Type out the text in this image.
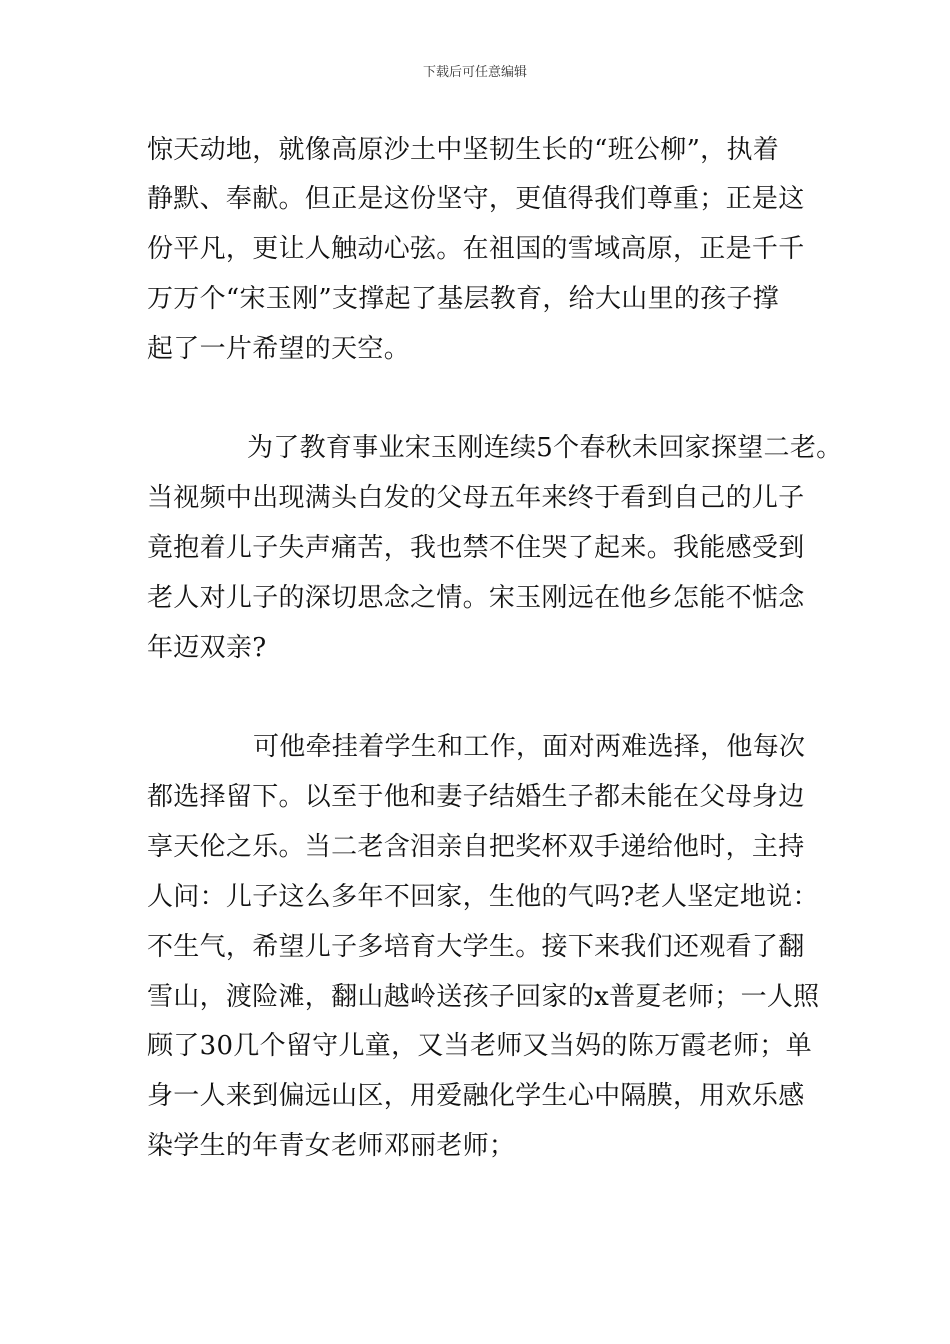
下载后可任意编辑
惊天动地，就像高原沙土中坚韧生长的“班公柳”，执着
静默、奉献。但正是这份坚守，更值得我们尊重；正是这
份平凡，更让人触动心弦。在祖国的雪域高原，正是千千
万万个“宋玉刚”支撑起了基层教育，给大山里的孩子撑
起了一片希望的天空。
为了教育事业宋玉刚连续5个春秋未回家探望二老。
当视频中出现满头白发的父母五年来终于看到自己的儿子
竟抱着儿子失声痛苦，我也禁不住哭了起来。我能感受到
老人对儿子的深切思念之情。宋玉刚远在他乡怎能不惦念
年迈双亲?
可他牵挂着学生和工作，面对两难选择，他每次
都选择留下。以至于他和妻子结婚生子都未能在父母身边
享天伦之乐。当二老含泪亲自把奖杯双手递给他时，主持
人问：儿子这么多年不回家，生他的气吗?老人坚定地说：
不生气，希望儿子多培育大学生。接下来我们还观看了翻
雪山，渡险滩，翻山越岭送孩子回家的x普夏老师；一人照
顾了30几个留守儿童，又当老师又当妈的陈万霞老师；单
身一人来到偏远山区，用爱融化学生心中隔膜，用欢乐感
染学生的年青女老师邓丽老师；
